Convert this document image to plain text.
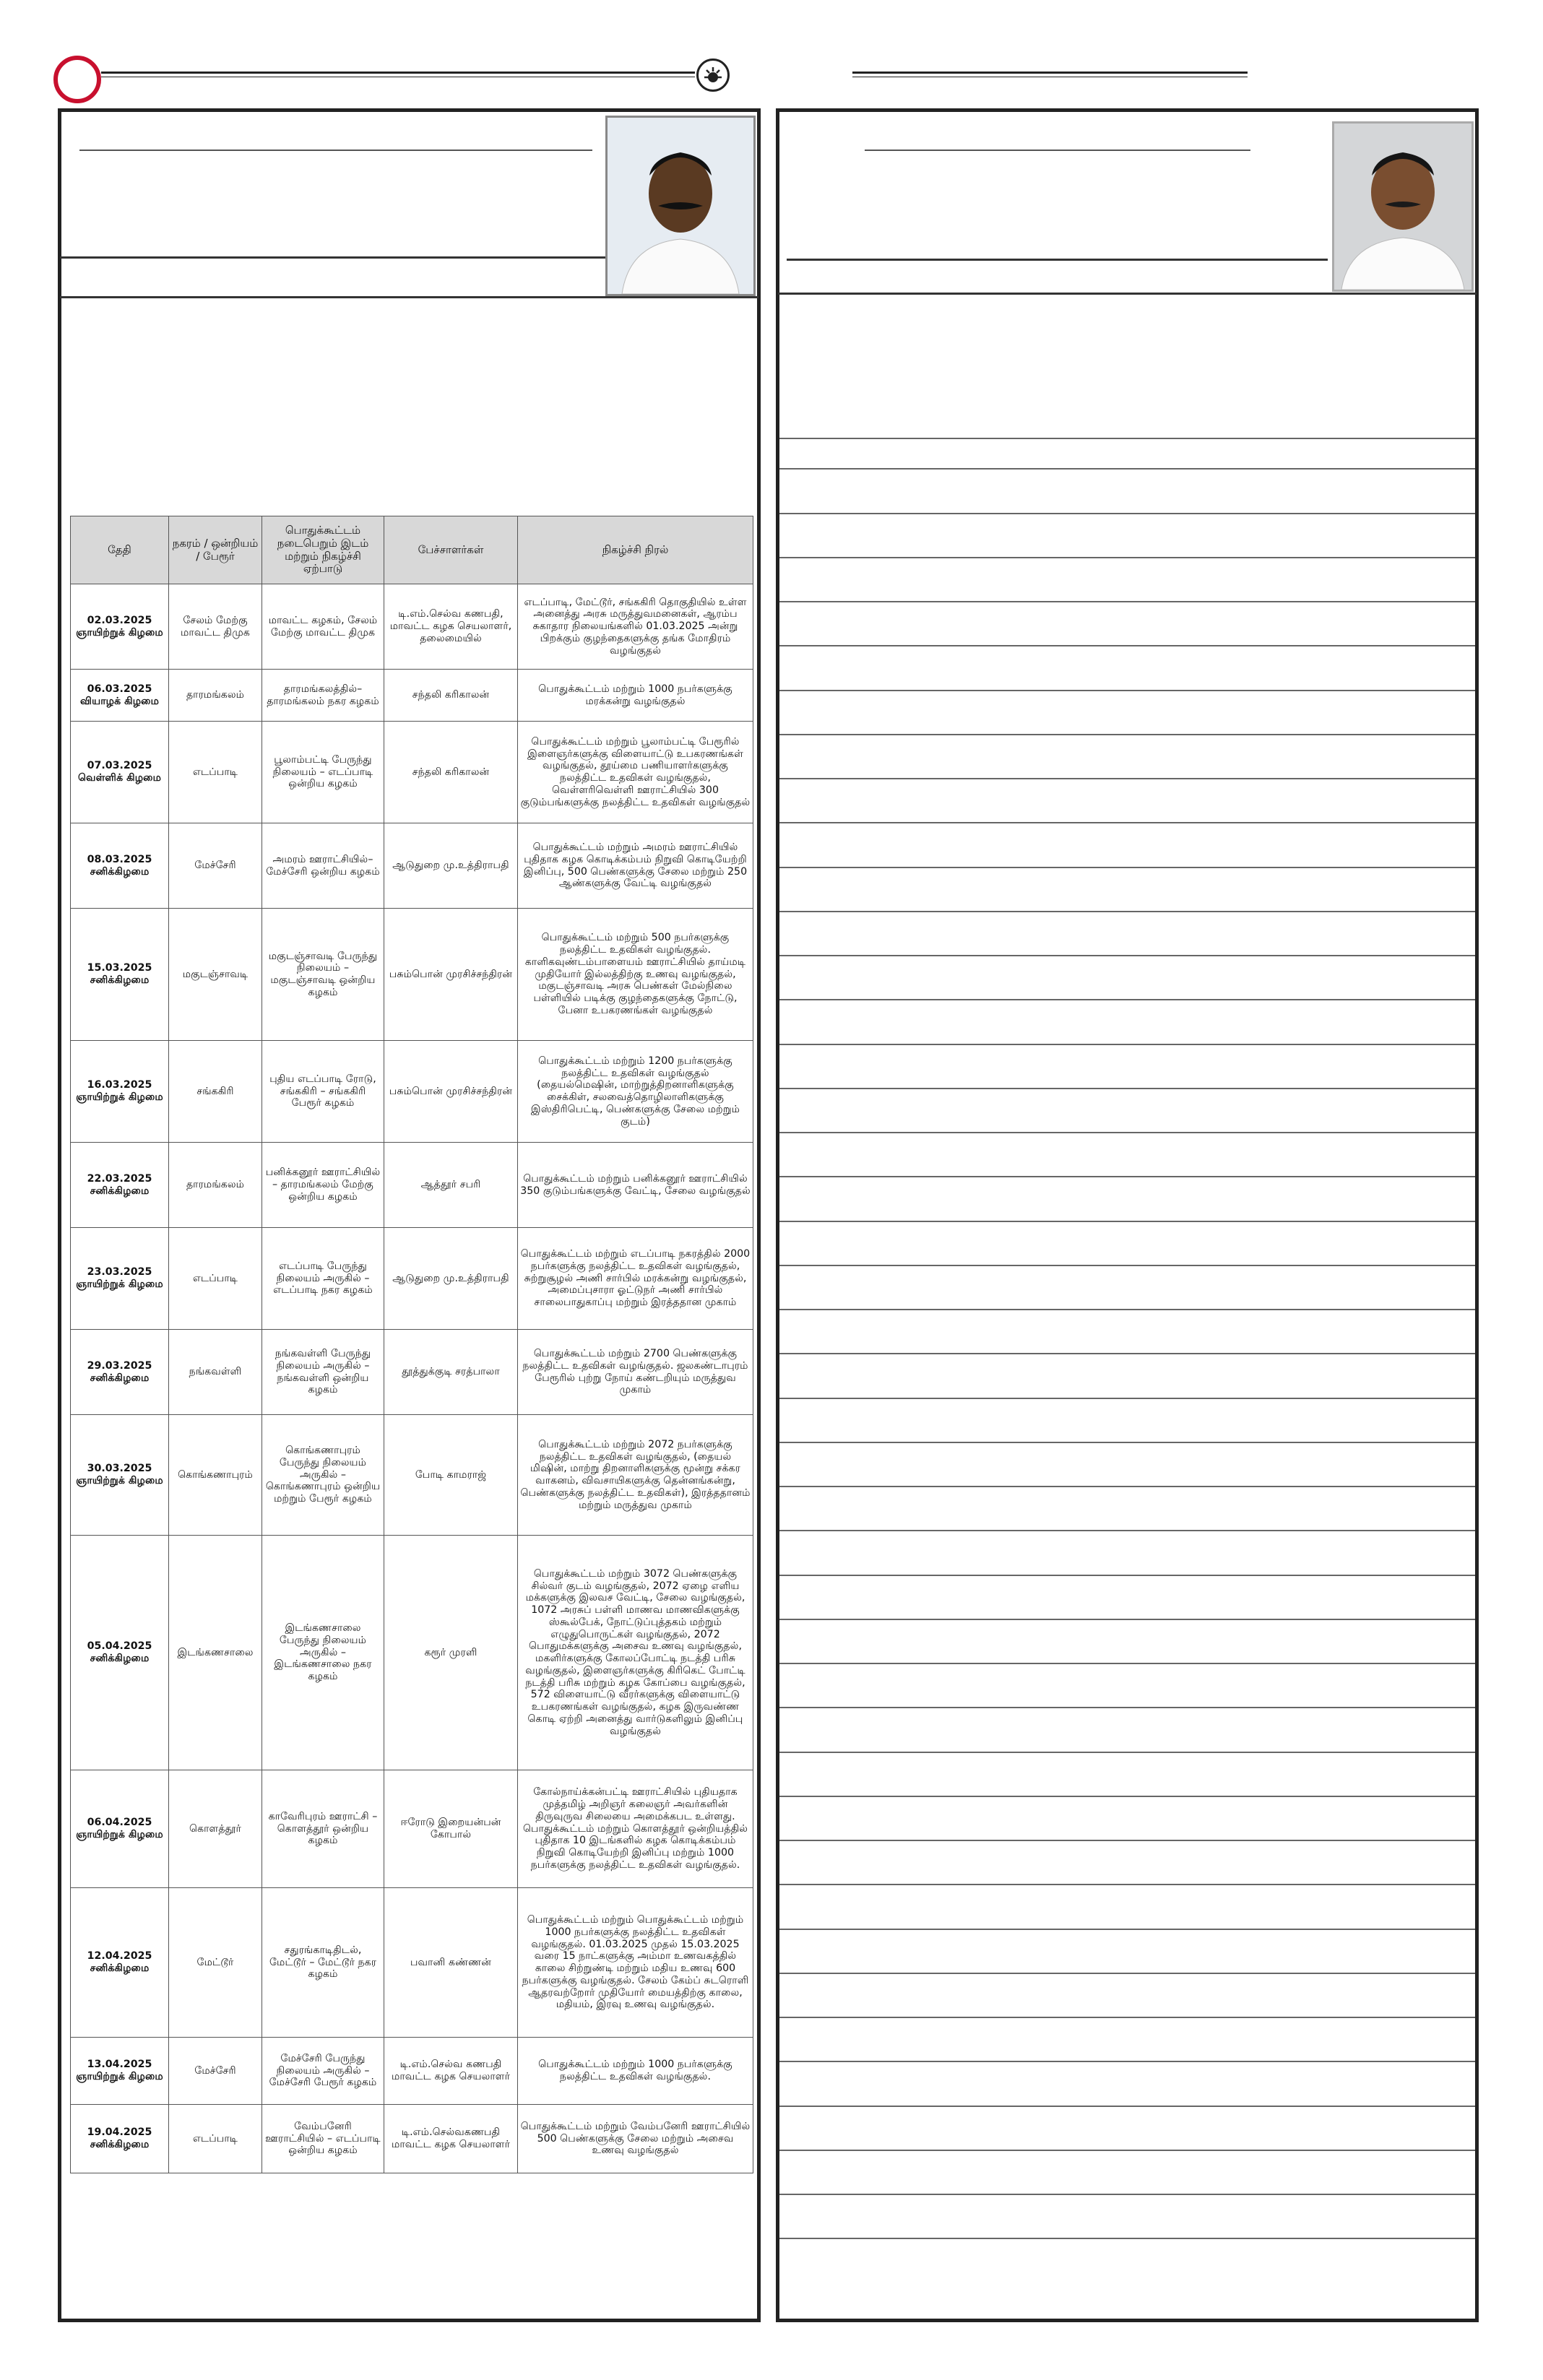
தேதி	நகரம் / ஒன்றியம் / பேரூர்	பொதுக்கூட்டம் நடைபெறும் இடம் மற்றும் நிகழ்ச்சி ஏற்பாடு	பேச்சாளர்கள்	நிகழ்ச்சி நிரல்
02.03.2025 ஞாயிற்றுக் கிழமை	சேலம் மேற்கு மாவட்ட திமுக	மாவட்ட கழகம், சேலம் மேற்கு மாவட்ட திமுக	டி.எம்.செல்வ கணபதி, மாவட்ட கழக செயலாளர், தலைமையில்	எடப்பாடி, மேட்டூர், சங்ககிரி தொகுதியில் உள்ள அனைத்து அரசு மருத்துவமனைகள், ஆரம்ப சுகாதார நிலையங்களில் 01.03.2025 அன்று பிறக்கும் குழந்தைகளுக்கு தங்க மோதிரம் வழங்குதல்
06.03.2025 வியாழக் கிழமை	தாரமங்கலம்	தாரமங்கலத்தில்–தாரமங்கலம் நகர கழகம்	சந்தலி கரிகாலன்	பொதுக்கூட்டம் மற்றும் 1000 நபர்களுக்கு மரக்கன்று வழங்குதல்
07.03.2025 வெள்ளிக் கிழமை	எடப்பாடி	பூலாம்பட்டி பேருந்து நிலையம் – எடப்பாடி ஒன்றிய கழகம்	சந்தலி கரிகாலன்	பொதுக்கூட்டம் மற்றும் பூலாம்பட்டி பேரூரில் இளைஞர்களுக்கு விளையாட்டு உபகரணங்கள் வழங்குதல், தூய்மை பணியாளர்களுக்கு நலத்திட்ட உதவிகள் வழங்குதல், வெள்ளரிவெள்ளி ஊராட்சியில் 300 குடும்பங்களுக்கு நலத்திட்ட உதவிகள் வழங்குதல்
08.03.2025 சனிக்கிழமை	மேச்சேரி	அமரம் ஊராட்சியில்– மேச்சேரி ஒன்றிய கழகம்	ஆடுதுறை மு.உத்திராபதி	பொதுக்கூட்டம் மற்றும் அமரம் ஊராட்சியில் புதிதாக கழக கொடிக்கம்பம் நிறுவி கொடியேற்றி இனிப்பு, 500 பெண்களுக்கு சேலை மற்றும் 250 ஆண்களுக்கு வேட்டி வழங்குதல்
15.03.2025 சனிக்கிழமை	மகுடஞ்சாவடி	மகுடஞ்சாவடி பேருந்து நிலையம் – மகுடஞ்சாவடி ஒன்றிய கழகம்	பசும்பொன் முரசிச்சந்திரன்	பொதுக்கூட்டம் மற்றும் 500 நபர்களுக்கு நலத்திட்ட உதவிகள் வழங்குதல். காளிகவுண்டம்பாளையம் ஊராட்சியில் தாய்மடி முதியோர் இல்லத்திற்கு உணவு வழங்குதல், மகுடஞ்சாவடி அரசு பெண்கள் மேல்நிலை பள்ளியில் படிக்கு குழந்தைகளுக்கு நோட்டு, பேனா உபகரணங்கள் வழங்குதல்
16.03.2025 ஞாயிற்றுக் கிழமை	சங்ககிரி	புதிய எடப்பாடி ரோடு, சங்ககிரி – சங்ககிரி பேரூர் கழகம்	பசும்பொன் முரசிச்சந்திரன்	பொதுக்கூட்டம் மற்றும் 1200 நபர்களுக்கு நலத்திட்ட உதவிகள் வழங்குதல் (தையல்மெஷின், மாற்றுத்திறனாளிகளுக்கு சைக்கிள், சலவைத்தொழிலாளிகளுக்கு இஸ்திரிபெட்டி, பெண்களுக்கு சேலை மற்றும் குடம்)
22.03.2025 சனிக்கிழமை	தாரமங்கலம்	பனிக்கனூர் ஊராட்சியில் – தாரமங்கலம் மேற்கு ஒன்றிய கழகம்	ஆத்தூர் சபரி	பொதுக்கூட்டம் மற்றும் பனிக்கனூர் ஊராட்சியில் 350 குடும்பங்களுக்கு வேட்டி, சேலை வழங்குதல்
23.03.2025 ஞாயிற்றுக் கிழமை	எடப்பாடி	எடப்பாடி பேருந்து நிலையம் அருகில் – எடப்பாடி நகர கழகம்	ஆடுதுறை மு.உத்திராபதி	பொதுக்கூட்டம் மற்றும் எடப்பாடி நகரத்தில் 2000 நபர்களுக்கு நலத்திட்ட உதவிகள் வழங்குதல், சுற்றுசூழல் அணி சார்பில் மரக்கன்று வழங்குதல், அமைப்புசாரா ஓட்டுநர் அணி சார்பில் சாலைபாதுகாப்பு மற்றும் இரத்ததான முகாம்
29.03.2025 சனிக்கிழமை	நங்கவள்ளி	நங்கவள்ளி பேருந்து நிலையம் அருகில் – நங்கவள்ளி ஒன்றிய கழகம்	தூத்துக்குடி சரத்பாலா	பொதுக்கூட்டம் மற்றும் 2700 பெண்களுக்கு நலத்திட்ட உதவிகள் வழங்குதல். ஜலகண்டாபுரம் பேரூரில் புற்று நோய் கண்டறியும் மருத்துவ முகாம்
30.03.2025 ஞாயிற்றுக் கிழமை	கொங்கணாபுரம்	கொங்கணாபுரம் பேருந்து நிலையம் அருகில் – கொங்கணாபுரம் ஒன்றிய மற்றும் பேரூர் கழகம்	போடி காமராஜ்	பொதுக்கூட்டம் மற்றும் 2072 நபர்களுக்கு நலத்திட்ட உதவிகள் வழங்குதல், (தையல் மிஷின், மாற்று திறனாளிகளுக்கு மூன்று சக்கர வாகனம், விவசாயிகளுக்கு தென்னங்கன்று, பெண்களுக்கு நலத்திட்ட உதவிகள்), இரத்ததானம் மற்றும் மருத்துவ முகாம்
05.04.2025 சனிக்கிழமை	இடங்கணசாலை	இடங்கணசாலை பேருந்து நிலையம் அருகில் – இடங்கணசாலை நகர கழகம்	கரூர் முரளி	பொதுக்கூட்டம் மற்றும் 3072 பெண்களுக்கு சில்வர் குடம் வழங்குதல், 2072 ஏழை எளிய மக்களுக்கு இலவச வேட்டி, சேலை வழங்குதல், 1072 அரசுப் பள்ளி மாணவ மாணவிகளுக்கு ஸ்கூல்பேக், நோட்டுப்புத்தகம் மற்றும் எழுதுபொருட்கள் வழங்குதல், 2072 பொதுமக்களுக்கு அசைவ உணவு வழங்குதல், மகளிர்களுக்கு கோலப்போட்டி நடத்தி பரிசு வழங்குதல், இளைஞர்களுக்கு கிரிகெட் போட்டி நடத்தி பரிசு மற்றும் கழக கோப்பை வழங்குதல், 572 விளையாட்டு வீரர்களுக்கு விளையாட்டு உபகரணங்கள் வழங்குதல், கழக இருவண்ண கொடி ஏற்றி அனைத்து வார்டுகளிலும் இனிப்பு வழங்குதல்
06.04.2025 ஞாயிற்றுக் கிழமை	கொளத்தூர்	காவேரிபுரம் ஊராட்சி – கொளத்தூர் ஒன்றிய கழகம்	ஈரோடு இறையன்பன் கோபால்	கோல்நாய்க்கன்பட்டி ஊராட்சியில் புதியதாக முத்தமிழ் அறிஞர் கலைஞர் அவர்களின் திருவுருவ சிலையை அமைக்கபட உள்ளது. பொதுக்கூட்டம் மற்றும் கொளத்தூர் ஒன்றியத்தில் புதிதாக 10 இடங்களில் கழக கொடிக்கம்பம் நிறுவி கொடியேற்றி இனிப்பு மற்றும் 1000 நபர்களுக்கு நலத்திட்ட உதவிகள் வழங்குதல்.
12.04.2025 சனிக்கிழமை	மேட்டூர்	சதுரங்காடிதிடல், மேட்டூர் – மேட்டூர் நகர கழகம்	பவானி கண்ணன்	பொதுக்கூட்டம் மற்றும் பொதுக்கூட்டம் மற்றும் 1000 நபர்களுக்கு நலத்திட்ட உதவிகள் வழங்குதல். 01.03.2025 முதல் 15.03.2025 வரை 15 நாட்களுக்கு அம்மா உணவகத்தில் காலை சிற்றுண்டி மற்றும் மதிய உணவு 600 நபர்களுக்கு வழங்குதல். சேலம் கேம்ப் சுடரொளி ஆதரவற்றோர் முதியோர் மையத்திற்கு காலை, மதியம், இரவு உணவு வழங்குதல்.
13.04.2025 ஞாயிற்றுக் கிழமை	மேச்சேரி	மேச்சேரி பேருந்து நிலையம் அருகில் – மேச்சேரி பேரூர் கழகம்	டி.எம்.செல்வ கணபதி மாவட்ட கழக செயலாளர்	பொதுக்கூட்டம் மற்றும் 1000 நபர்களுக்கு நலத்திட்ட உதவிகள் வழங்குதல்.
19.04.2025 சனிக்கிழமை	எடப்பாடி	வேம்பனேரி ஊராட்சியில் – எடப்பாடி ஒன்றிய கழகம்	டி.எம்.செல்வகணபதி மாவட்ட கழக செயலாளர்	பொதுக்கூட்டம் மற்றும் வேம்பனேரி ஊராட்சியில் 500 பெண்களுக்கு சேலை மற்றும் அசைவ உணவு வழங்குதல்
